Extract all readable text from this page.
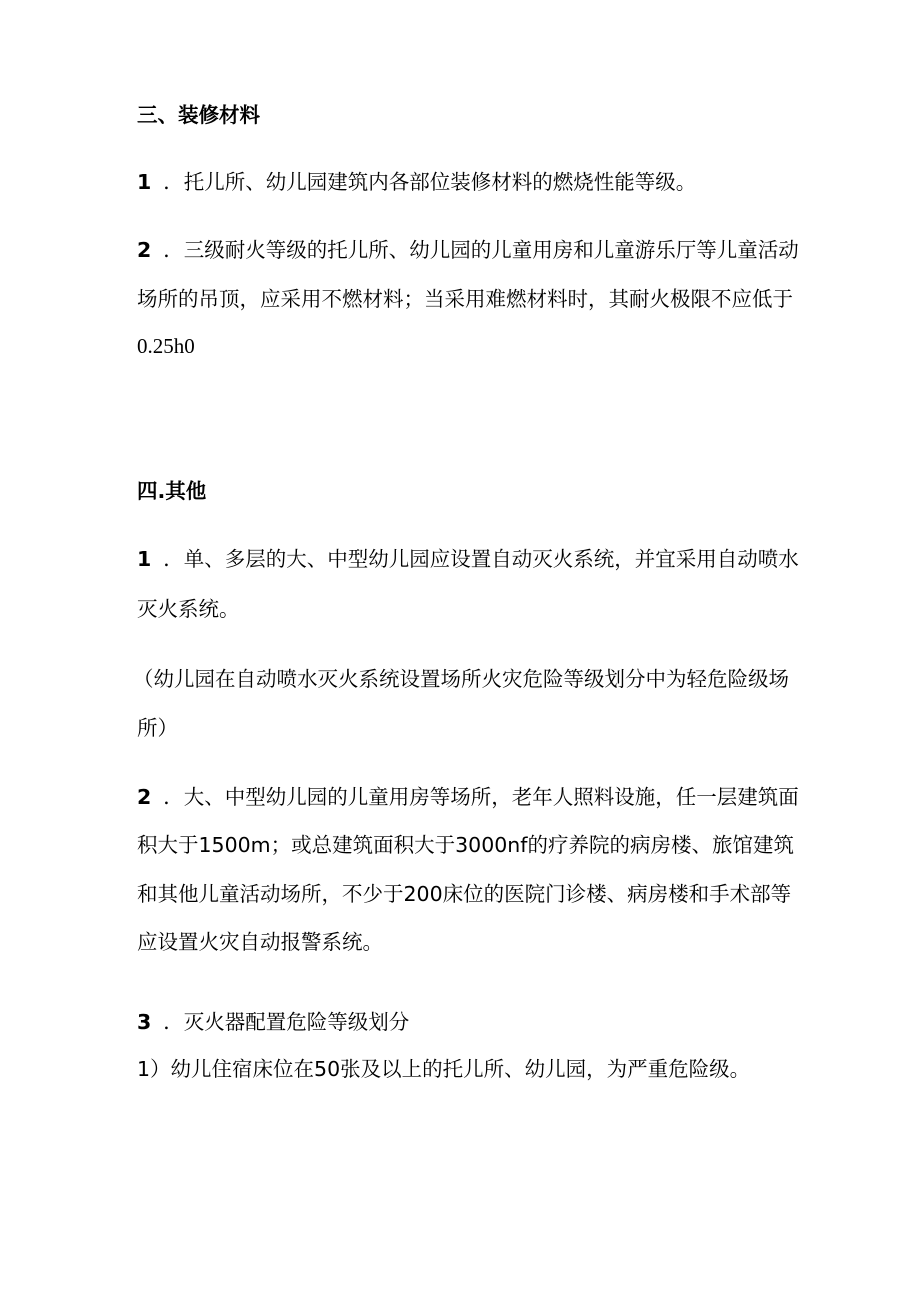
三、装修材料
1 ．托儿所、幼儿园建筑内各部位装修材料的燃烧性能等级。
2 ．三级耐火等级的托儿所、幼儿园的儿童用房和儿童游乐厅等儿童活动
场所的吊顶，应采用不燃材料；当采用难燃材料时，其耐火极限不应低于
0.25h0
四.其他
1 ．单、多层的大、中型幼儿园应设置自动灭火系统，并宜采用自动喷水
灭火系统。
（幼儿园在自动喷水灭火系统设置场所火灾危险等级划分中为轻危险级场
所）
2 ．大、中型幼儿园的儿童用房等场所，老年人照料设施，任一层建筑面
积大于1500m；或总建筑面积大于3000nf的疗养院的病房楼、旅馆建筑
和其他儿童活动场所，不少于200床位的医院门诊楼、病房楼和手术部等
应设置火灾自动报警系统。
3 ．灭火器配置危险等级划分
1）幼儿住宿床位在50张及以上的托儿所、幼儿园，为严重危险级。
